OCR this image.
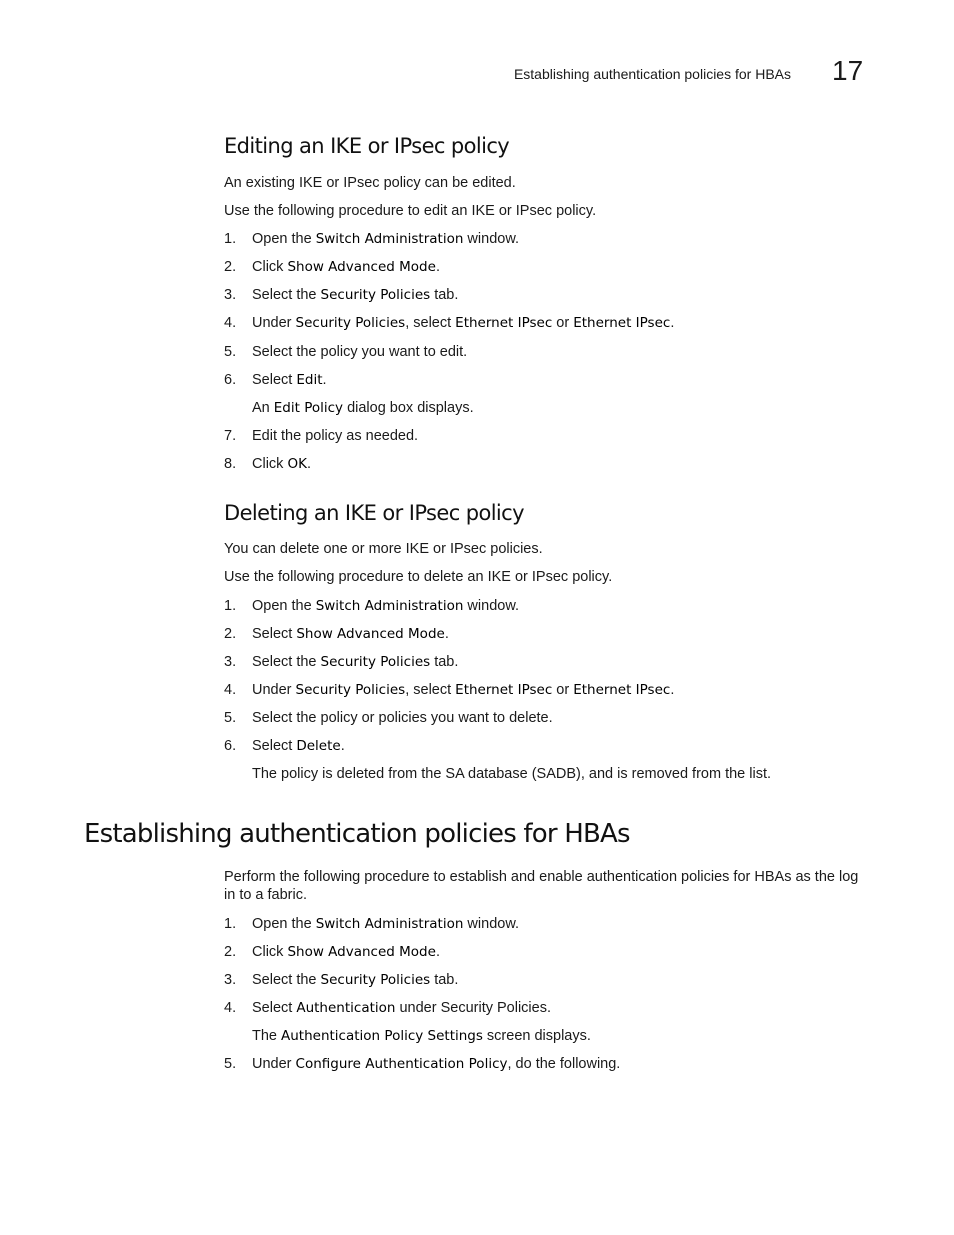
Establishing authentication policies for HBAs 17
Editing an IKE or IPsec policy

An existing IKE or IPsec policy can be edited.

Use the following procedure to edit an IKE or IPsec policy.

1. Open the Switch Administration window.
2. Click Show Advanced Mode.
3. Select the Security Policies tab.
4. Under Security Policies, select Ethernet IPsec or Ethernet IPsec.
5. Select the policy you want to edit.
6. Select Edit.
An Edit Policy dialog box displays.
7. Edit the policy as needed.
8. Click OK.
Deleting an IKE or IPsec policy

You can delete one or more IKE or IPsec policies.

Use the following procedure to delete an IKE or IPsec policy.

1. Open the Switch Administration window.
2. Select Show Advanced Mode.
3. Select the Security Policies tab.
4. Under Security Policies, select Ethernet IPsec or Ethernet IPsec.
5. Select the policy or policies you want to delete.
6. Select Delete.
The policy is deleted from the SA database (SADB), and is removed from the list.
Establishing authentication policies for HBAs
Perform the following procedure to establish and enable authentication policies for HBAs as the log
in to a fabric.
1. Open the Switch Administration window.
2. Click Show Advanced Mode.
3. Select the Security Policies tab.
4. Select Authentication under Security Policies.
The Authentication Policy Settings screen displays.
5. Under Configure Authentication Policy, do the following.
